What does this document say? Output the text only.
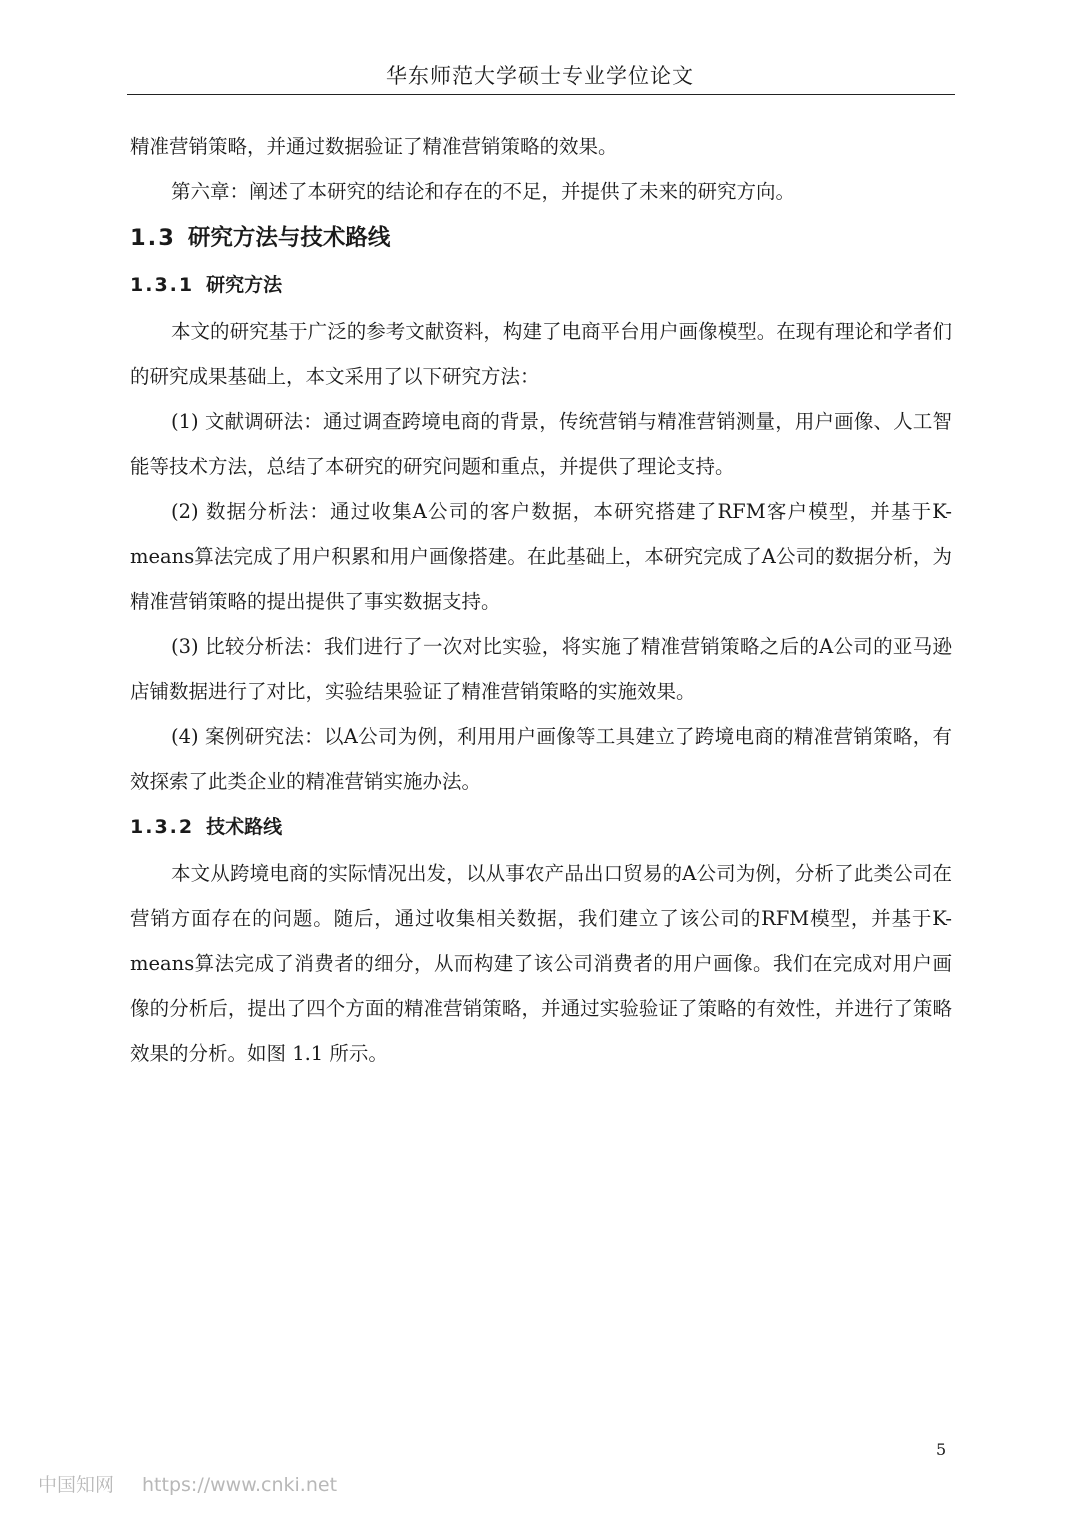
华东师范大学硕士专业学位论文

精准营销策略，并通过数据验证了精准营销策略的效果。

第六章：阐述了本研究的结论和存在的不足，并提供了未来的研究方向。

1.3 研究方法与技术路线
1.3.1 研究方法

本文的研究基于广泛的参考文献资料，构建了电商平台用户画像模型。在现有理论和学者们的研究成果基础上，本文采用了以下研究方法：

(1) 文献调研法：通过调查跨境电商的背景，传统营销与精准营销测量，用户画像、人工智能等技术方法，总结了本研究的研究问题和重点，并提供了理论支持。

(2) 数据分析法：通过收集A公司的客户数据，本研究搭建了RFM客户模型，并基于K-means算法完成了用户积累和用户画像搭建。在此基础上，本研究完成了A公司的数据分析，为精准营销策略的提出提供了事实数据支持。

(3) 比较分析法：我们进行了一次对比实验，将实施了精准营销策略之后的A公司的亚马逊店铺数据进行了对比，实验结果验证了精准营销策略的实施效果。

(4) 案例研究法：以A公司为例，利用用户画像等工具建立了跨境电商的精准营销策略，有效探索了此类企业的精准营销实施办法。

1.3.2 技术路线

本文从跨境电商的实际情况出发，以从事农产品出口贸易的A公司为例，分析了此类公司在营销方面存在的问题。随后，通过收集相关数据，我们建立了该公司的RFM模型，并基于K-means算法完成了消费者的细分，从而构建了该公司消费者的用户画像。我们在完成对用户画像的分析后，提出了四个方面的精准营销策略，并通过实验验证了策略的有效性，并进行了策略效果的分析。如图 1.1 所示。

5
中国知网 https://www.cnki.net
